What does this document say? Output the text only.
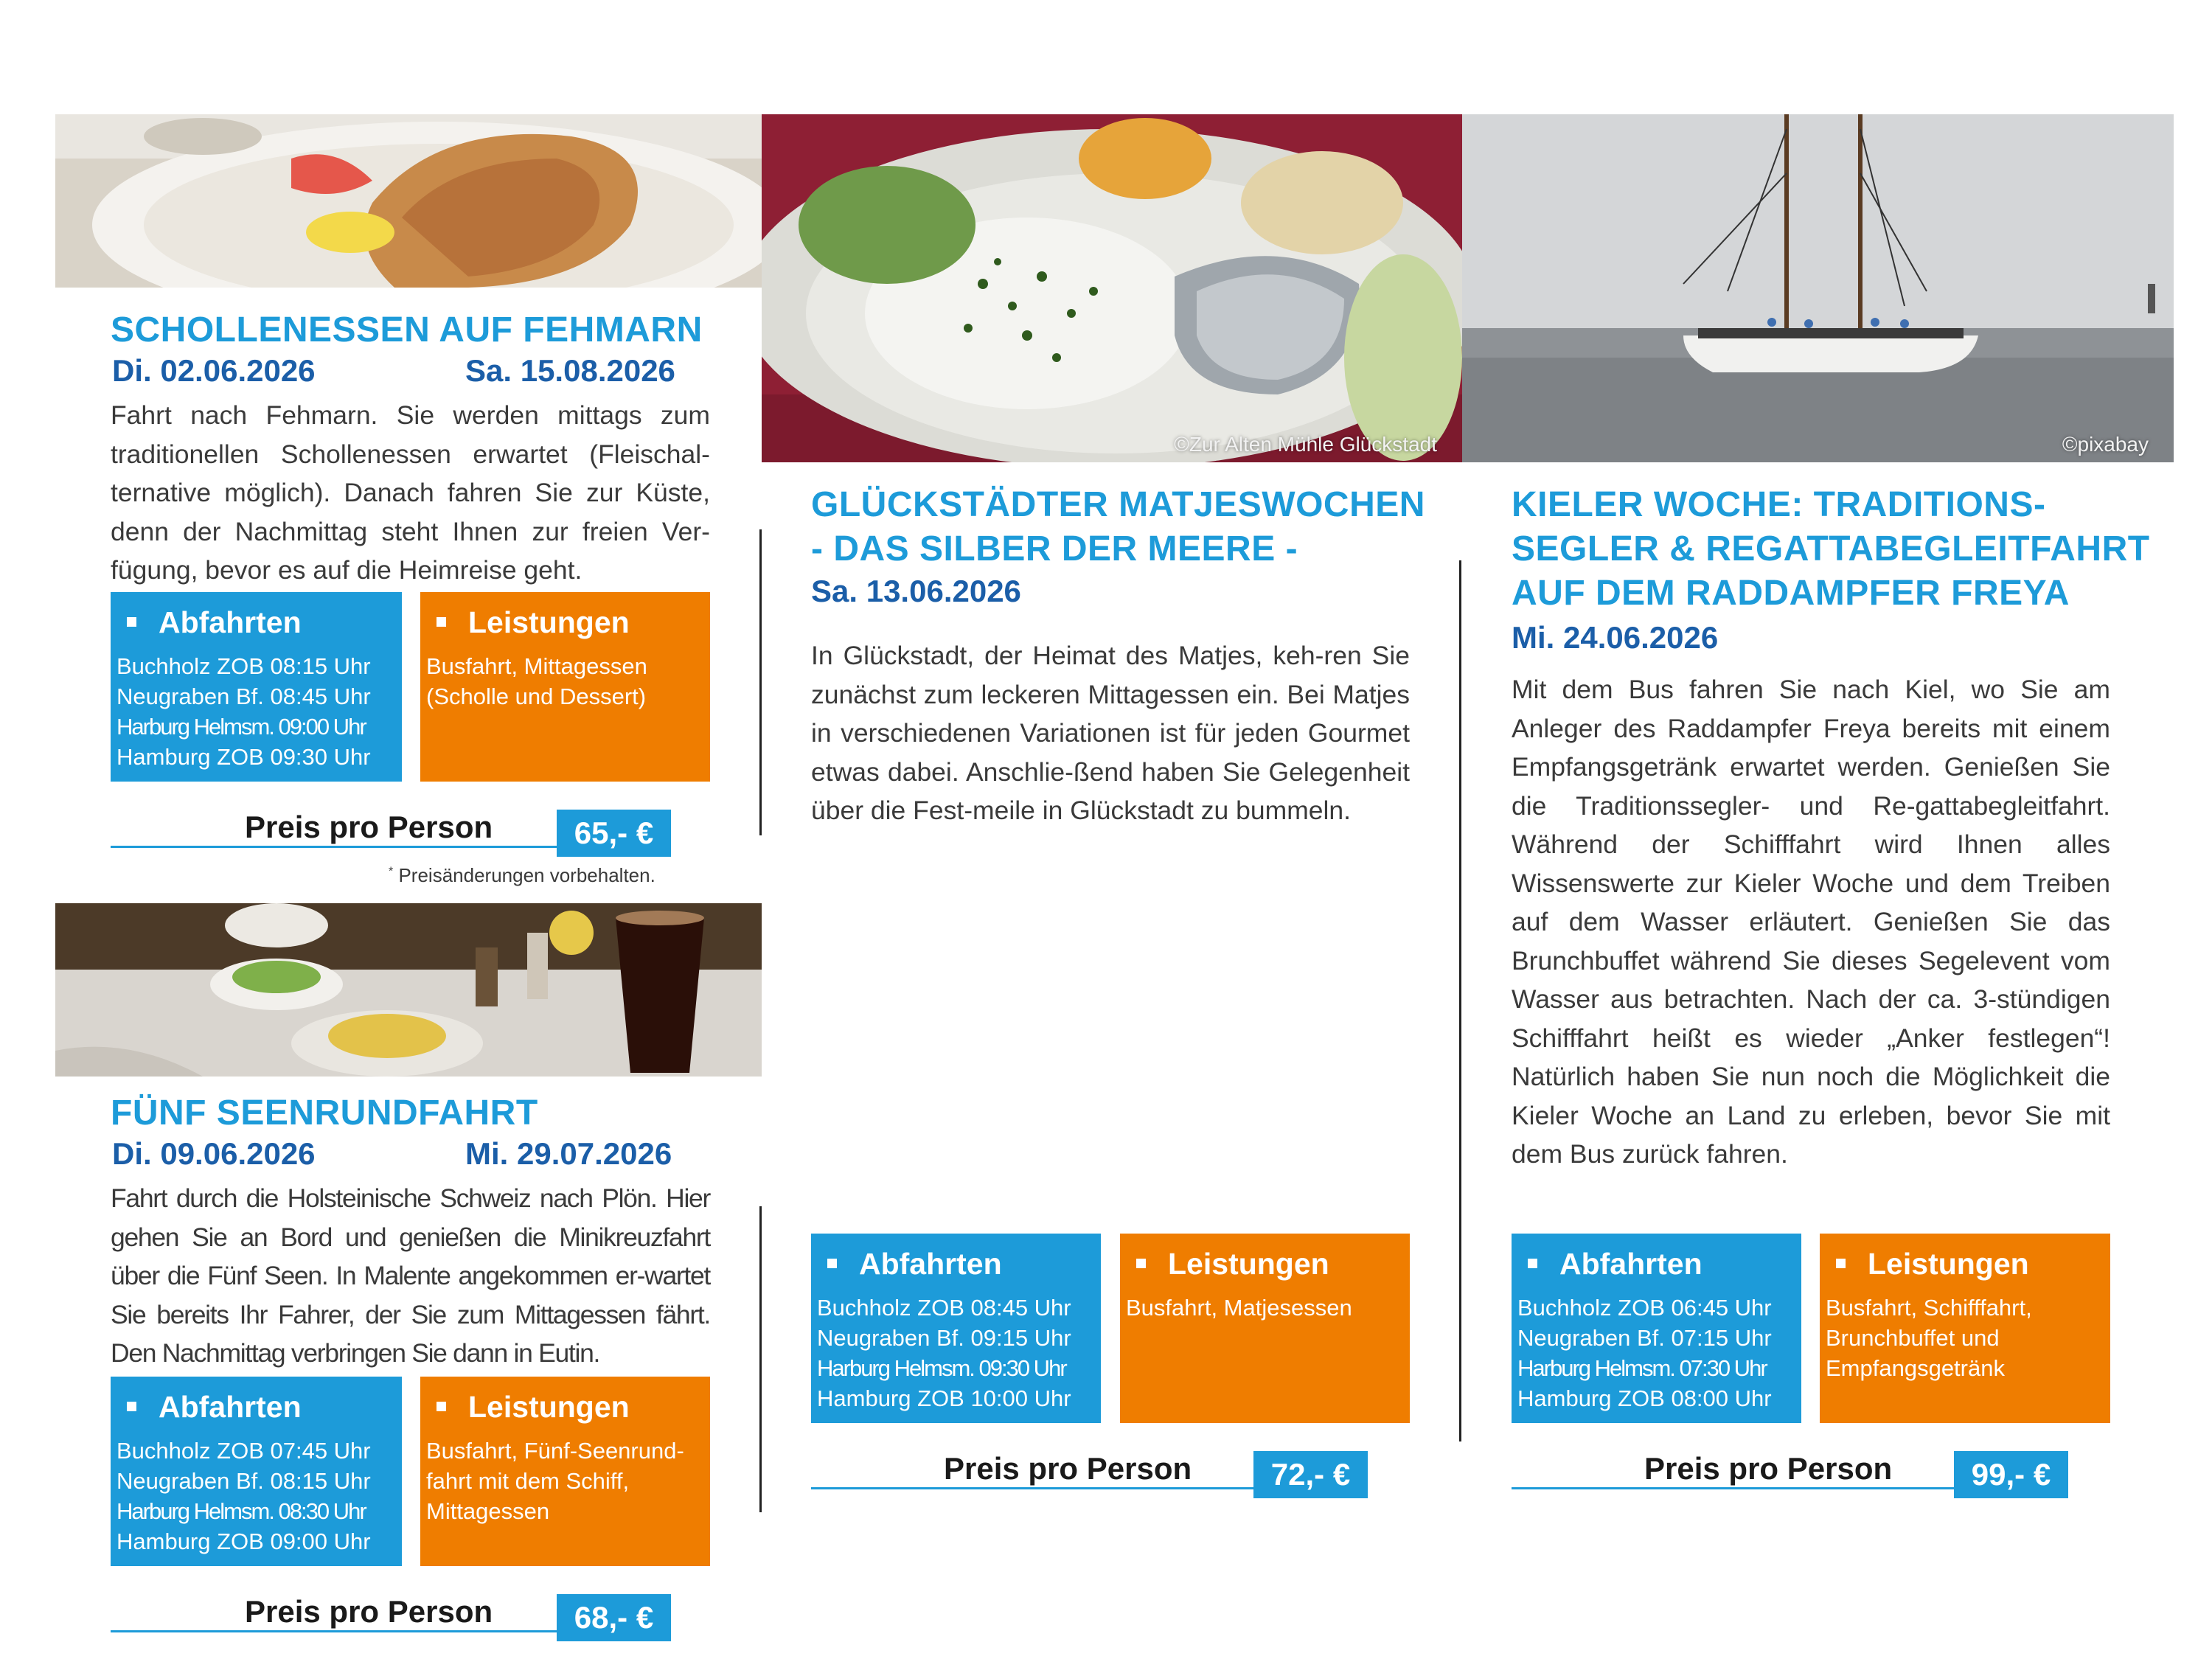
©Zur Alten Mühle Glückstadt	©pixabay
SCHOLLENESSEN AUF FEHMARN
Di. 02.06.2026	Sa. 15.08.2026
Fahrt nach Fehmarn. Sie werden mittags zum traditionellen Schollenessen erwartet (Fleischal-ternative möglich). Danach fahren Sie zur Küste, denn der Nachmittag steht Ihnen zur freien Ver-fügung, bevor es auf die Heimreise geht.
Abfahrten
Buchholz ZOB 08:15 Uhr
Neugraben Bf. 08:45 Uhr
Harburg Helmsm. 09:00 Uhr
Hamburg ZOB 09:30 Uhr
Leistungen
Busfahrt, Mittagessen
(Scholle und Dessert)
Preis pro Person	65,- €
* Preisänderungen vorbehalten.
FÜNF SEENRUNDFAHRT
Di. 09.06.2026	Mi. 29.07.2026
Fahrt durch die Holsteinische Schweiz nach Plön. Hier gehen Sie an Bord und genießen die Minikreuzfahrt über die Fünf Seen. In Malente angekommen er-wartet Sie bereits Ihr Fahrer, der Sie zum Mittagessen fährt. Den Nachmittag verbringen Sie dann in Eutin.
Abfahrten
Buchholz ZOB 07:45 Uhr
Neugraben Bf. 08:15 Uhr
Harburg Helmsm. 08:30 Uhr
Hamburg ZOB 09:00 Uhr
Leistungen
Busfahrt, Fünf-Seenrund-
fahrt mit dem Schiff,
Mittagessen
Preis pro Person	68,- €
GLÜCKSTÄDTER MATJESWOCHEN
- DAS SILBER DER MEERE -
Sa. 13.06.2026
In Glückstadt, der Heimat des Matjes, keh-ren Sie zunächst zum leckeren Mittagessen ein. Bei Matjes in verschiedenen Variationen ist für jeden Gourmet etwas dabei. Anschlie-ßend haben Sie Gelegenheit über die Fest-meile in Glückstadt zu bummeln.
Abfahrten
Buchholz ZOB 08:45 Uhr
Neugraben Bf. 09:15 Uhr
Harburg Helmsm. 09:30 Uhr
Hamburg ZOB 10:00 Uhr
Leistungen
Busfahrt, Matjesessen
Preis pro Person	72,- €
KIELER WOCHE: TRADITIONS-
SEGLER & REGATTABEGLEITFAHRT
AUF DEM RADDAMPFER FREYA
Mi. 24.06.2026
Mit dem Bus fahren Sie nach Kiel, wo Sie am Anleger des Raddampfer Freya bereits mit einem Empfangsgetränk erwartet werden. Genießen Sie die Traditionssegler- und Re-gattabegleitfahrt. Während der Schifffahrt wird Ihnen alles Wissenswerte zur Kieler Woche und dem Treiben auf dem Wasser erläutert. Genießen Sie das Brunchbuffet während Sie dieses Segelevent vom Wasser aus betrachten. Nach der ca. 3-stündigen Schifffahrt heißt es wieder „Anker festlegen“! Natürlich haben Sie nun noch die Möglichkeit die Kieler Woche an Land zu erleben, bevor Sie mit dem Bus zurück fahren.
Abfahrten
Buchholz ZOB 06:45 Uhr
Neugraben Bf. 07:15 Uhr
Harburg Helmsm. 07:30 Uhr
Hamburg ZOB 08:00 Uhr
Leistungen
Busfahrt, Schifffahrt,
Brunchbuffet und
Empfangsgetränk
Preis pro Person	99,- €
